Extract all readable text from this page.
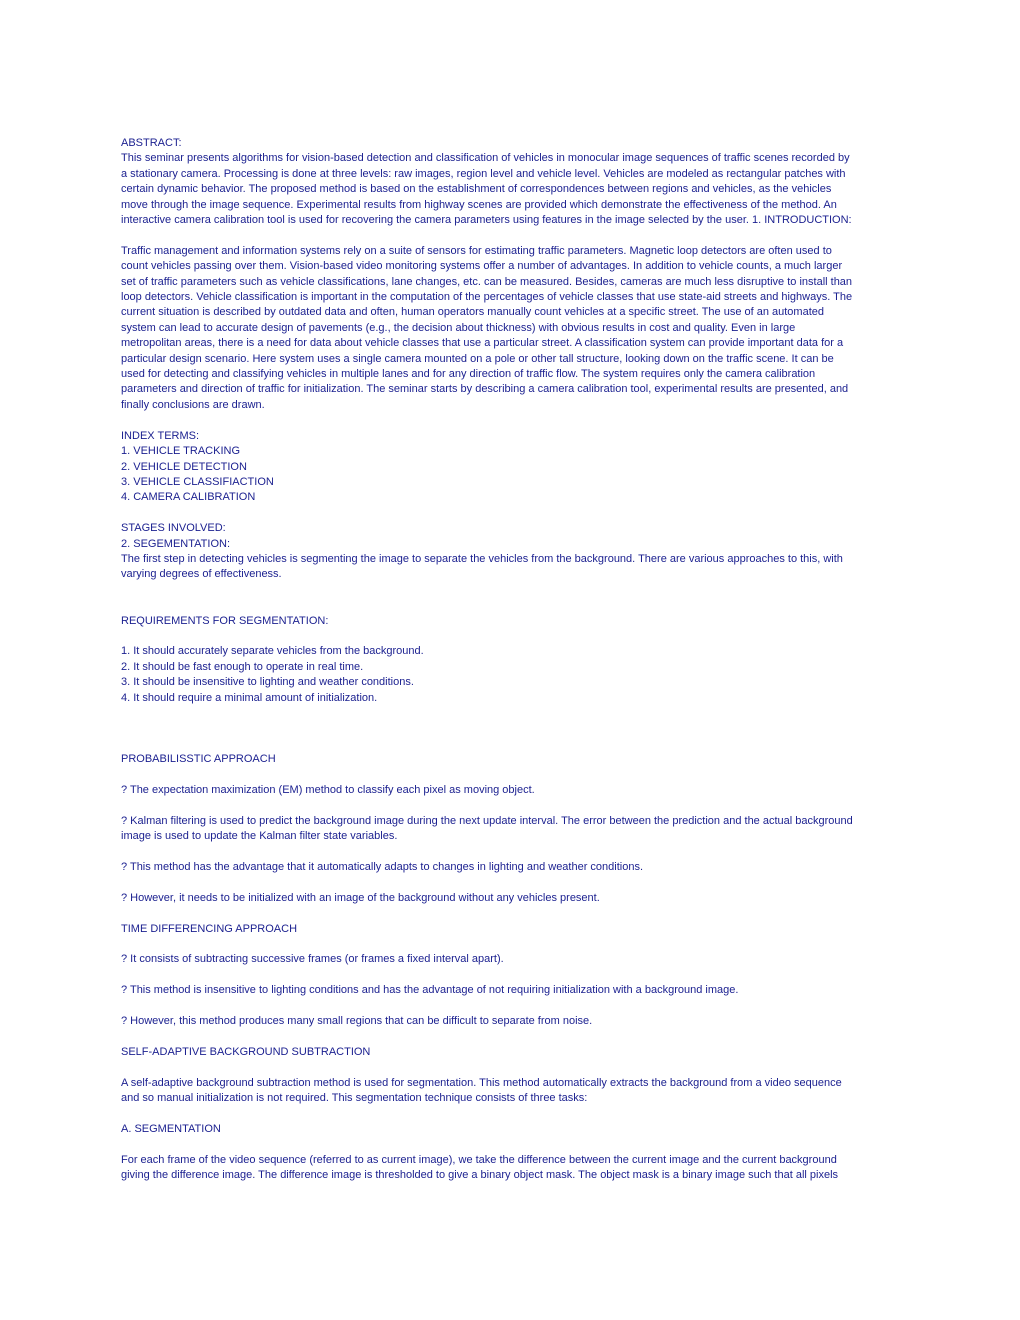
ABSTRACT:
This seminar presents algorithms for vision-based detection and classification of vehicles in monocular image sequences of traffic scenes recorded by
a stationary camera. Processing is done at three levels: raw images, region level and vehicle level. Vehicles are modeled as rectangular patches with
certain dynamic behavior. The proposed method is based on the establishment of correspondences between regions and vehicles, as the vehicles
move through the image sequence. Experimental results from highway scenes are provided which demonstrate the effectiveness of the method. An
interactive camera calibration tool is used for recovering the camera parameters using features in the image selected by the user. 1. INTRODUCTION:
Traffic management and information systems rely on a suite of sensors for estimating traffic parameters. Magnetic loop detectors are often used to
count vehicles passing over them. Vision-based video monitoring systems offer a number of advantages. In addition to vehicle counts, a much larger
set of traffic parameters such as vehicle classifications, lane changes, etc. can be measured. Besides, cameras are much less disruptive to install than
loop detectors. Vehicle classification is important in the computation of the percentages of vehicle classes that use state-aid streets and highways. The
current situation is described by outdated data and often, human operators manually count vehicles at a specific street. The use of an automated
system can lead to accurate design of pavements (e.g., the decision about thickness) with obvious results in cost and quality. Even in large
metropolitan areas, there is a need for data about vehicle classes that use a particular street. A classification system can provide important data for a
particular design scenario. Here system uses a single camera mounted on a pole or other tall structure, looking down on the traffic scene. It can be
used for detecting and classifying vehicles in multiple lanes and for any direction of traffic flow. The system requires only the camera calibration
parameters and direction of traffic for initialization. The seminar starts by describing a camera calibration tool, experimental results are presented, and
finally conclusions are drawn.
INDEX TERMS:
1. VEHICLE TRACKING
2. VEHICLE DETECTION
3. VEHICLE CLASSIFIACTION
4. CAMERA CALIBRATION
STAGES INVOLVED:
2. SEGEMENTATION:
The first step in detecting vehicles is segmenting the image to separate the vehicles from the background. There are various approaches to this, with
varying degrees of effectiveness.
REQUIREMENTS FOR SEGMENTATION:
1. It should accurately separate vehicles from the background.
2. It should be fast enough to operate in real time.
3. It should be insensitive to lighting and weather conditions.
4. It should require a minimal amount of initialization.
PROBABILISSTIC APPROACH
? The expectation maximization (EM) method to classify each pixel as moving object.
? Kalman filtering is used to predict the background image during the next update interval. The error between the prediction and the actual background
image is used to update the Kalman filter state variables.
? This method has the advantage that it automatically adapts to changes in lighting and weather conditions.
? However, it needs to be initialized with an image of the background without any vehicles present.
TIME DIFFERENCING APPROACH
? It consists of subtracting successive frames (or frames a fixed interval apart).
? This method is insensitive to lighting conditions and has the advantage of not requiring initialization with a background image.
? However, this method produces many small regions that can be difficult to separate from noise.
SELF-ADAPTIVE BACKGROUND SUBTRACTION
A self-adaptive background subtraction method is used for segmentation. This method automatically extracts the background from a video sequence
and so manual initialization is not required. This segmentation technique consists of three tasks:
A. SEGMENTATION
For each frame of the video sequence (referred to as current image), we take the difference between the current image and the current background
giving the difference image. The difference image is thresholded to give a binary object mask. The object mask is a binary image such that all pixels
